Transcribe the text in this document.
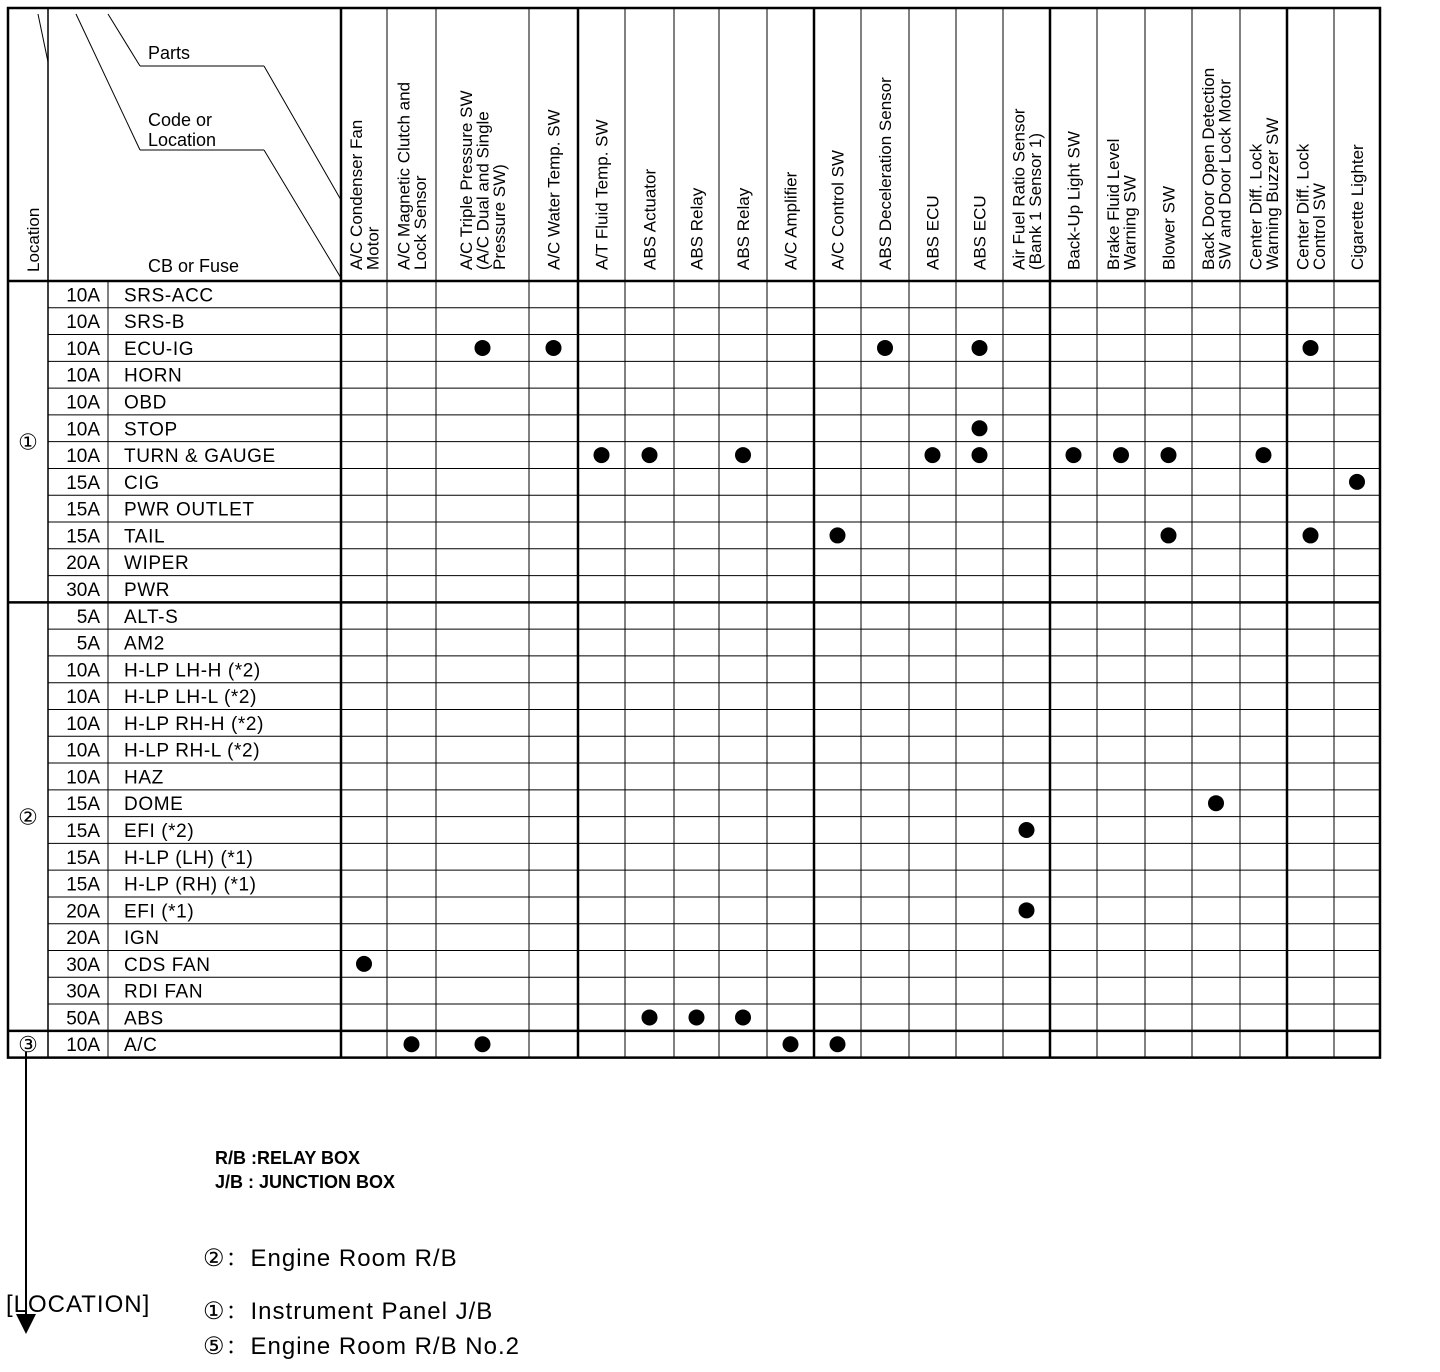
Parts
Code or
Location
CB or Fuse
Location	A/C Condenser Fan
Motor A/C Magnetic Clutch and
Lock Sensor A/C Triple Pressure SW
(A/C Dual and Single
Pressure SW) A/C Water Temp. SW A/T Fluid Temp. SW ABS Actuator ABS Relay ABS Relay A/C Amplifier A/C Control SW ABS Deceleration Sensor ABS ECU ABS ECU Air Fuel Ratio Sensor
(Bank 1 Sensor 1) Back-Up Light SW Brake Fluid Level
Warning SW Blower SW Back Door Open Detection
SW and Door Lock Motor Center Diff. Lock
Warning Buzzer SW Center Diff. Lock
Control SW Cigarette Lighter
10A SRS-ACC
10A SRS-B
10A ECU-IG
10A HORN
10A OBD
10A STOP
10A TURN & GAUGE
15A CIG
15A PWR OUTLET
15A TAIL
20A WIPER
30A PWR
①
5A ALT-S
5A AM2
10A H-LP LH-H (*2)
10A H-LP LH-L (*2)
10A H-LP RH-H (*2)
10A H-LP RH-L (*2)
10A HAZ
15A DOME
15A EFI (*2)
15A H-LP (LH) (*1)
15A H-LP (RH) (*1)
20A EFI (*1)
20A IGN
30A CDS FAN
30A RDI FAN
50A ABS
②
10A A/C
③
R/B :RELAY BOX
J/B : JUNCTION BOX
②：Engine Room R/B
[LOCATION] ①：Instrument Panel J/B
⑤：Engine Room R/B No.2
